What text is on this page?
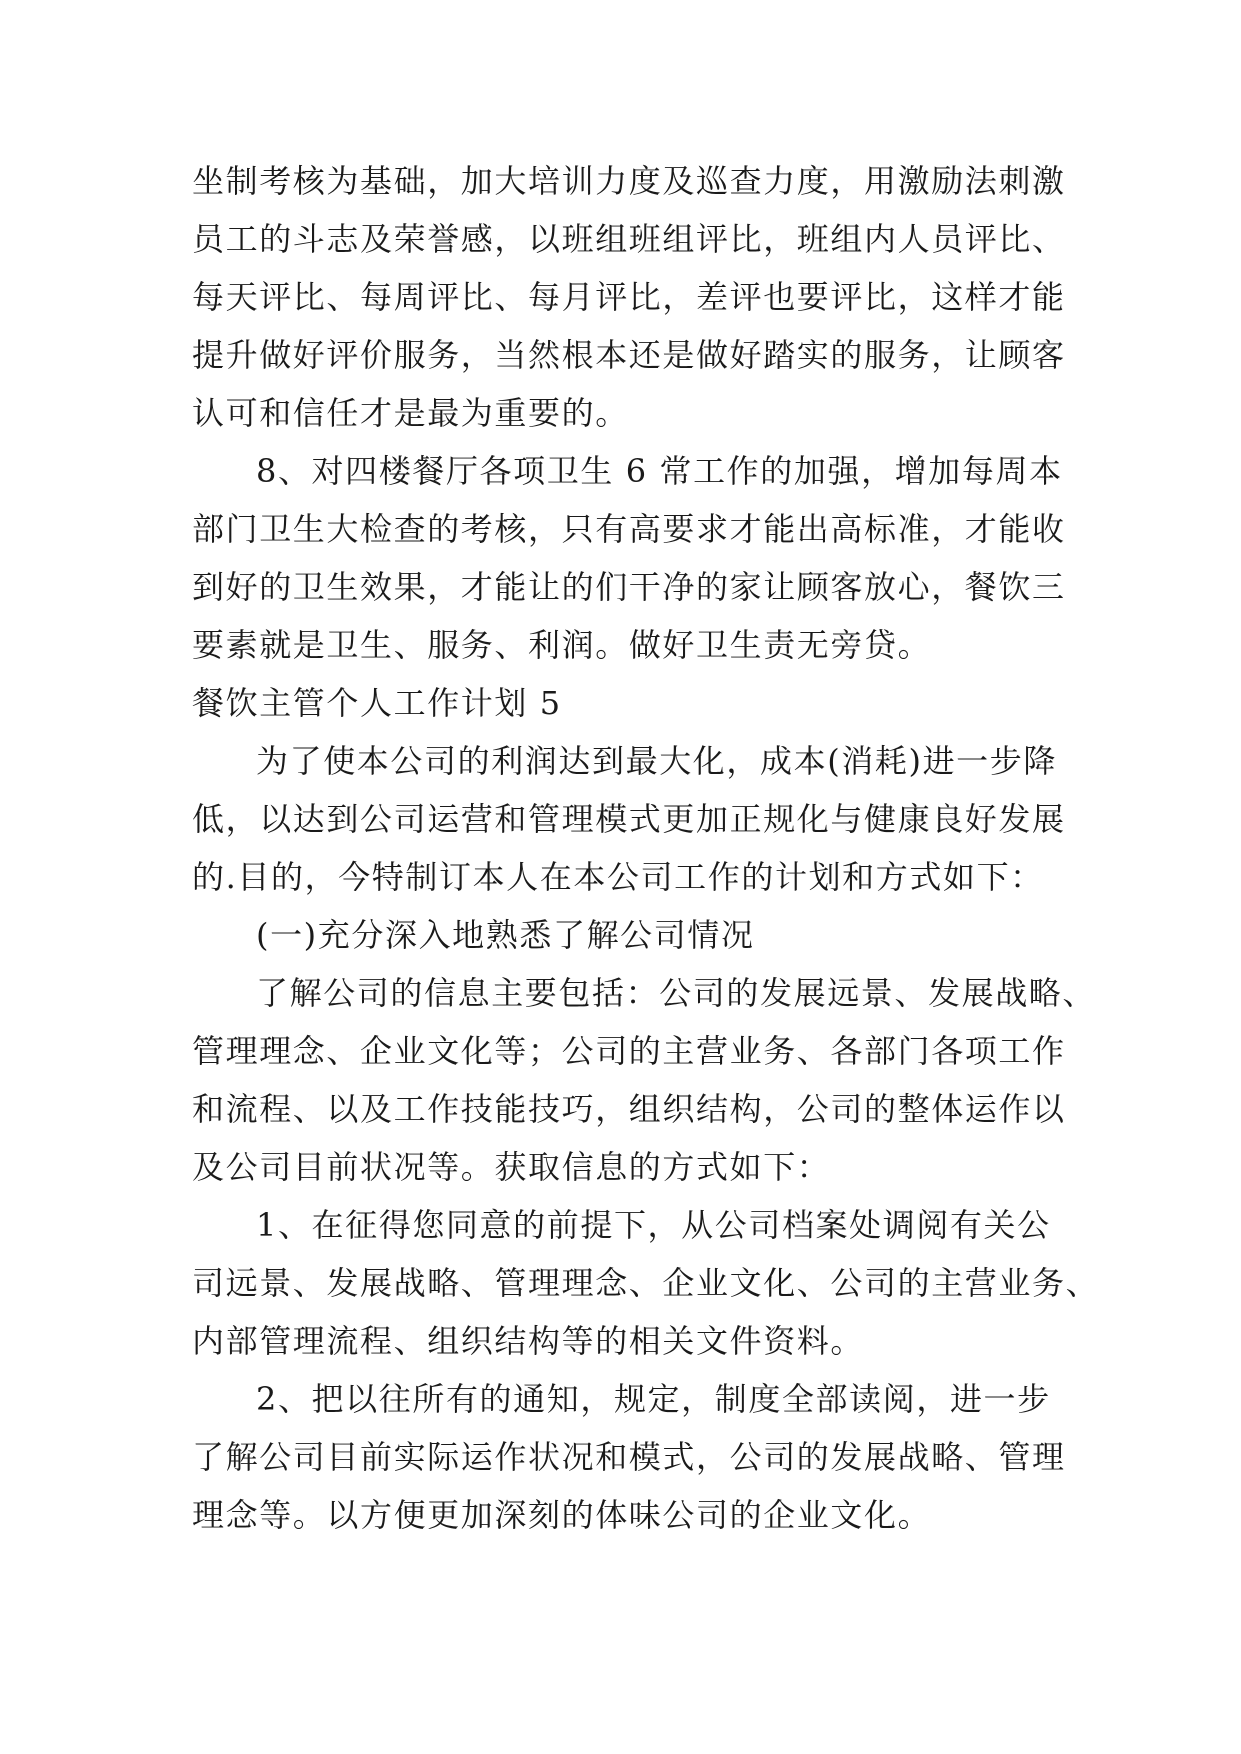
坐制考核为基础，加大培训力度及巡查力度，用激励法刺激
员工的斗志及荣誉感，以班组班组评比，班组内人员评比、
每天评比、每周评比、每月评比，差评也要评比，这样才能
提升做好评价服务，当然根本还是做好踏实的服务，让顾客
认可和信任才是最为重要的。
8、对四楼餐厅各项卫生 6 常工作的加强，增加每周本
部门卫生大检查的考核，只有高要求才能出高标准，才能收
到好的卫生效果，才能让的们干净的家让顾客放心，餐饮三
要素就是卫生、服务、利润。做好卫生责无旁贷。
餐饮主管个人工作计划 5
为了使本公司的利润达到最大化，成本(消耗)进一步降
低，以达到公司运营和管理模式更加正规化与健康良好发展
的.目的，今特制订本人在本公司工作的计划和方式如下：
(一)充分深入地熟悉了解公司情况
了解公司的信息主要包括：公司的发展远景、发展战略、
管理理念、企业文化等；公司的主营业务、各部门各项工作
和流程、以及工作技能技巧，组织结构，公司的整体运作以
及公司目前状况等。获取信息的方式如下：
1、在征得您同意的前提下，从公司档案处调阅有关公
司远景、发展战略、管理理念、企业文化、公司的主营业务、
内部管理流程、组织结构等的相关文件资料。
2、把以往所有的通知，规定，制度全部读阅，进一步
了解公司目前实际运作状况和模式，公司的发展战略、管理
理念等。以方便更加深刻的体味公司的企业文化。
